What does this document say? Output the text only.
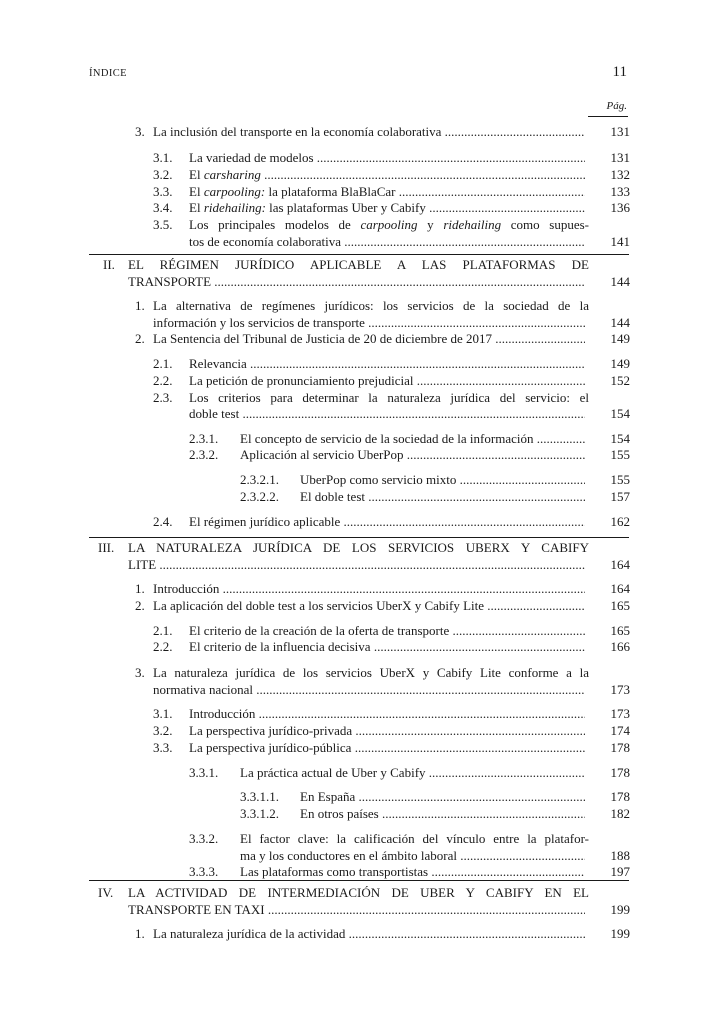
ÍNDICE	11
Pág.
3. La inclusión del transporte en la economía colaborativa .....	131
3.1. La variedad de modelos .....	131
3.2. El carsharing .....	132
3.3. El carpooling: la plataforma BlaBlaCar .....	133
3.4. El ridehailing: las plataformas Uber y Cabify .....	136
3.5. Los principales modelos de carpooling y ridehailing como supues-
tos de economía colaborativa .....	141
II. EL RÉGIMEN JURÍDICO APLICABLE A LAS PLATAFORMAS DE
TRANSPORTE .....	144
1. La alternativa de regímenes jurídicos: los servicios de la sociedad de la
información y los servicios de transporte .....	144
2. La Sentencia del Tribunal de Justicia de 20 de diciembre de 2017 .....	149
2.1. Relevancia .....	149
2.2. La petición de pronunciamiento prejudicial .....	152
2.3. Los criterios para determinar la naturaleza jurídica del servicio: el
doble test .....	154
2.3.1. El concepto de servicio de la sociedad de la información .....	154
2.3.2. Aplicación al servicio UberPop .....	155
2.3.2.1. UberPop como servicio mixto .....	155
2.3.2.2. El doble test .....	157
2.4. El régimen jurídico aplicable .....	162
III. LA NATURALEZA JURÍDICA DE LOS SERVICIOS UBERX Y CABIFY
LITE .....	164
1. Introducción .....	164
2. La aplicación del doble test a los servicios UberX y Cabify Lite .....	165
2.1. El criterio de la creación de la oferta de transporte .....	165
2.2. El criterio de la influencia decisiva .....	166
3. La naturaleza jurídica de los servicios UberX y Cabify Lite conforme a la
normativa nacional .....	173
3.1. Introducción .....	173
3.2. La perspectiva jurídico-privada .....	174
3.3. La perspectiva jurídico-pública .....	178
3.3.1. La práctica actual de Uber y Cabify .....	178
3.3.1.1. En España .....	178
3.3.1.2. En otros países .....	182
3.3.2. El factor clave: la calificación del vínculo entre la platafor-
ma y los conductores en el ámbito laboral .....	188
3.3.3. Las plataformas como transportistas .....	197
IV. LA ACTIVIDAD DE INTERMEDIACIÓN DE UBER Y CABIFY EN EL
TRANSPORTE EN TAXI .....	199
1. La naturaleza jurídica de la actividad .....	199
